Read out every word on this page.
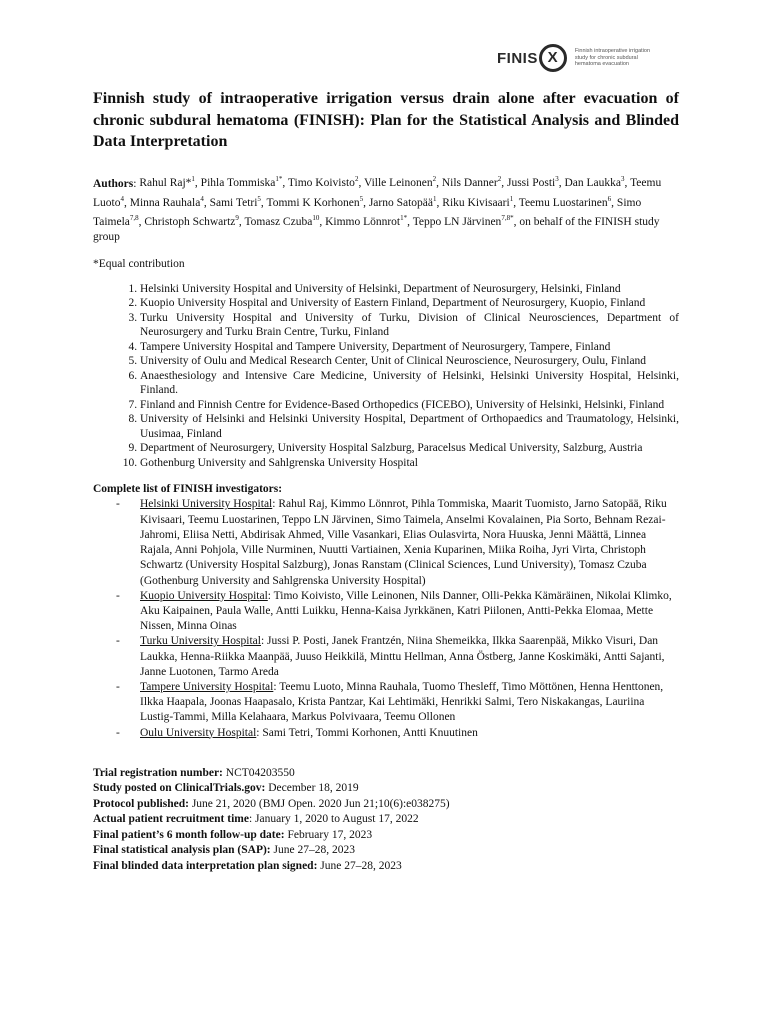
FINIS X	Finnish intraoperative irrigation study for chronic subdural hematoma evacuation
Finnish study of intraoperative irrigation versus drain alone after evacuation of chronic subdural hematoma (FINISH): Plan for the Statistical Analysis and Blinded Data Interpretation
Authors: Rahul Raj*$^1$, Pihla Tommiska$^{1*}$, Timo Koivisto$^2$, Ville Leinonen$^2$, Nils Danner$^2$, Jussi Posti$^3$, Dan Laukka$^3$, Teemu Luoto$^4$, Minna Rauhala$^4$, Sami Tetri$^5$, Tommi K Korhonen$^5$, Jarno Satopää$^1$, Riku Kivisaari$^1$, Teemu Luostarinen$^6$, Simo Taimela$^{7,8}$, Christoph Schwartz$^9$, Tomasz Czuba$^{10}$, Kimmo Lönnrot$^{1*}$, Teppo LN Järvinen$^{7,8*}$, on behalf of the FINISH study group
*Equal contribution
1. Helsinki University Hospital and University of Helsinki, Department of Neurosurgery, Helsinki, Finland
2. Kuopio University Hospital and University of Eastern Finland, Department of Neurosurgery, Kuopio, Finland
3. Turku University Hospital and University of Turku, Division of Clinical Neurosciences, Department of Neurosurgery and Turku Brain Centre, Turku, Finland
4. Tampere University Hospital and Tampere University, Department of Neurosurgery, Tampere, Finland
5. University of Oulu and Medical Research Center, Unit of Clinical Neuroscience, Neurosurgery, Oulu, Finland
6. Anaesthesiology and Intensive Care Medicine, University of Helsinki, Helsinki University Hospital, Helsinki, Finland.
7. Finland and Finnish Centre for Evidence-Based Orthopedics (FICEBO), University of Helsinki, Helsinki, Finland
8. University of Helsinki and Helsinki University Hospital, Department of Orthopaedics and Traumatology, Helsinki, Uusimaa, Finland
9. Department of Neurosurgery, University Hospital Salzburg, Paracelsus Medical University, Salzburg, Austria
10. Gothenburg University and Sahlgrenska University Hospital
Complete list of FINISH investigators:
- Helsinki University Hospital: Rahul Raj, Kimmo Lönnrot, Pihla Tommiska, Maarit Tuomisto, Jarno Satopää, Riku Kivisaari, Teemu Luostarinen, Teppo LN Järvinen, Simo Taimela, Anselmi Kovalainen, Pia Sorto, Behnam Rezai-Jahromi, Eliisa Netti, Abdirisak Ahmed, Ville Vasankari, Elias Oulasvirta, Nora Huuska, Jenni Määttä, Linnea Rajala, Anni Pohjola, Ville Nurminen, Nuutti Vartiainen, Xenia Kuparinen, Miika Roiha, Jyri Virta, Christoph Schwartz (University Hospital Salzburg), Jonas Ranstam (Clinical Sciences, Lund University), Tomasz Czuba (Gothenburg University and Sahlgrenska University Hospital)
- Kuopio University Hospital: Timo Koivisto, Ville Leinonen, Nils Danner, Olli-Pekka Kämäräinen, Nikolai Klimko, Aku Kaipainen, Paula Walle, Antti Luikku, Henna-Kaisa Jyrkkänen, Katri Piilonen, Antti-Pekka Elomaa, Mette Nissen, Minna Oinas
- Turku University Hospital: Jussi P. Posti, Janek Frantzén, Niina Shemeikka, Ilkka Saarenpää, Mikko Visuri, Dan Laukka, Henna-Riikka Maanpää, Juuso Heikkilä, Minttu Hellman, Anna Östberg, Janne Koskimäki, Antti Sajanti, Janne Luotonen, Tarmo Areda
- Tampere University Hospital: Teemu Luoto, Minna Rauhala, Tuomo Thesleff, Timo Möttönen, Henna Henttonen, Ilkka Haapala, Joonas Haapasalo, Krista Pantzar, Kai Lehtimäki, Henrikki Salmi, Tero Niskakangas, Lauriina Lustig-Tammi, Milla Kelahaara, Markus Polvivaara, Teemu Ollonen
- Oulu University Hospital: Sami Tetri, Tommi Korhonen, Antti Knuutinen
Trial registration number: NCT04203550
Study posted on ClinicalTrials.gov: December 18, 2019
Protocol published: June 21, 2020 (BMJ Open. 2020 Jun 21;10(6):e038275)
Actual patient recruitment time: January 1, 2020 to August 17, 2022
Final patient’s 6 month follow-up date: February 17, 2023
Final statistical analysis plan (SAP): June 27–28, 2023
Final blinded data interpretation plan signed: June 27–28, 2023
